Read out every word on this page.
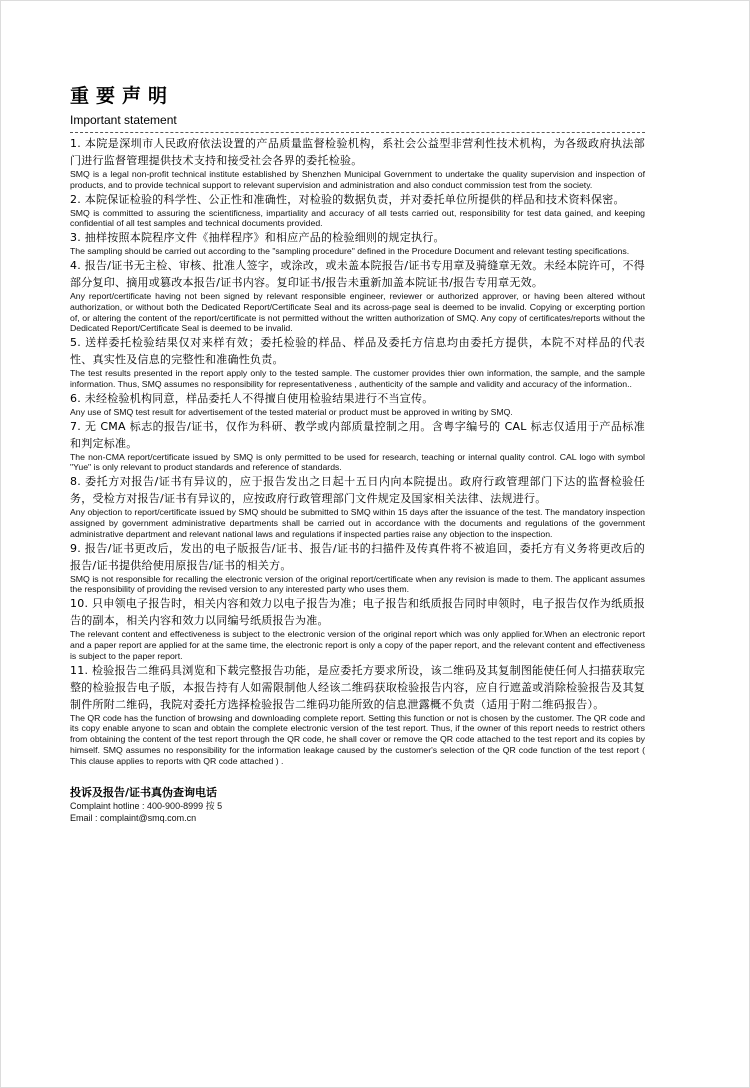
重要声明

Important statement

1. 本院是深圳市人民政府依法设置的产品质量监督检验机构，系社会公益型非营利性技术机构，为各级政府执法部门进行监督管理提供技术支持和接受社会各界的委托检验。
SMQ is a legal non-profit technical institute established by Shenzhen Municipal Government to undertake the quality supervision and inspection of products, and to provide technical support to relevant supervision and administration and also conduct commission test from the society.
2. 本院保证检验的科学性、公正性和准确性，对检验的数据负责，并对委托单位所提供的样品和技术资料保密。
SMQ is committed to assuring the scientificness, impartiality and accuracy of all tests carried out, responsibility for test data gained, and keeping confidential of all test samples and technical documents provided.
3. 抽样按照本院程序文件《抽样程序》和相应产品的检验细则的规定执行。
The sampling should be carried out according to the "sampling procedure" defined in the Procedure Document and relevant testing specifications.
4. 报告/证书无主检、审核、批准人签字，或涂改，或未盖本院报告/证书专用章及骑缝章无效。未经本院许可，不得部分复印、摘用或篡改本报告/证书内容。复印证书/报告未重新加盖本院证书/报告专用章无效。
Any report/certificate having not been signed by relevant responsible engineer, reviewer or authorized approver, or having been altered without authorization, or without both the Dedicated Report/Certificate Seal and its across-page seal is deemed to be invalid. Copying or excerpting portion of, or altering the content of the report/certificate is not permitted without the written authorization of SMQ. Any copy of certificates/reports without the Dedicated Report/Certificate Seal is deemed to be invalid.
5. 送样委托检验结果仅对来样有效；委托检验的样品、样品及委托方信息均由委托方提供，本院不对样品的代表性、真实性及信息的完整性和准确性负责。
The test results presented in the report apply only to the tested sample. The customer provides thier own information, the sample, and the sample information. Thus, SMQ assumes no responsibility for representativeness , authenticity of the sample and validity and accuracy of the information..
6. 未经检验机构同意，样品委托人不得擅自使用检验结果进行不当宣传。
Any use of SMQ test result for advertisement of the tested material or product must be approved in writing by SMQ.
7. 无 CMA 标志的报告/证书，仅作为科研、教学或内部质量控制之用。含粤字编号的 CAL 标志仅适用于产品标准和判定标准。
The non-CMA report/certificate issued by SMQ is only permitted to be used for research, teaching or internal quality control. CAL logo with symbol "Yue" is only relevant to product standards and reference of standards.
8. 委托方对报告/证书有异议的，应于报告发出之日起十五日内向本院提出。政府行政管理部门下达的监督检验任务，受检方对报告/证书有异议的，应按政府行政管理部门文件规定及国家相关法律、法规进行。
Any objection to report/certificate issued by SMQ should be submitted to SMQ within 15 days after the issuance of the test. The mandatory inspection assigned by government administrative departments shall be carried out in accordance with the documents and regulations of the government administrative department and relevant national laws and regulations if inspected parties raise any objection to the inspection.
9. 报告/证书更改后，发出的电子版报告/证书、报告/证书的扫描件及传真件将不被追回，委托方有义务将更改后的报告/证书提供给使用原报告/证书的相关方。
SMQ is not responsible for recalling the electronic version of the original report/certificate when any revision is made to them. The applicant assumes the responsibility of providing the revised version to any interested party who uses them.
10. 只申领电子报告时，相关内容和效力以电子报告为准；电子报告和纸质报告同时申领时，电子报告仅作为纸质报告的副本，相关内容和效力以同编号纸质报告为准。
The relevant content and effectiveness is subject to the electronic version of the original report which was only applied for.When an electronic report and a paper report are applied for at the same time, the electronic report is only a copy of the paper report, and the relevant content and effectiveness is subject to the paper report.
11. 检验报告二维码具浏览和下载完整报告功能，是应委托方要求所设，该二维码及其复制图能使任何人扫描获取完整的检验报告电子版，本报告持有人如需限制他人经该二维码获取检验报告内容，应自行遮盖或消除检验报告及其复制件所附二维码，我院对委托方选择检验报告二维码功能所致的信息泄露概不负责（适用于附二维码报告）。
The QR code has the function of browsing and downloading complete report. Setting this function or not is chosen by the customer. The QR code and its copy enable anyone to scan and obtain the complete electronic version of the test report. Thus, if the owner of this report needs to restrict others from obtaining the content of the test report through the QR code, he shall cover or remove the QR code attached to the test report and its copies by himself. SMQ assumes no responsibility for the information leakage caused by the customer's selection of the QR code function of the test report ( This clause applies to reports with QR code attached ) .
投诉及报告/证书真伪查询电话
Complaint hotline : 400-900-8999 按 5
Email : complaint@smq.com.cn
